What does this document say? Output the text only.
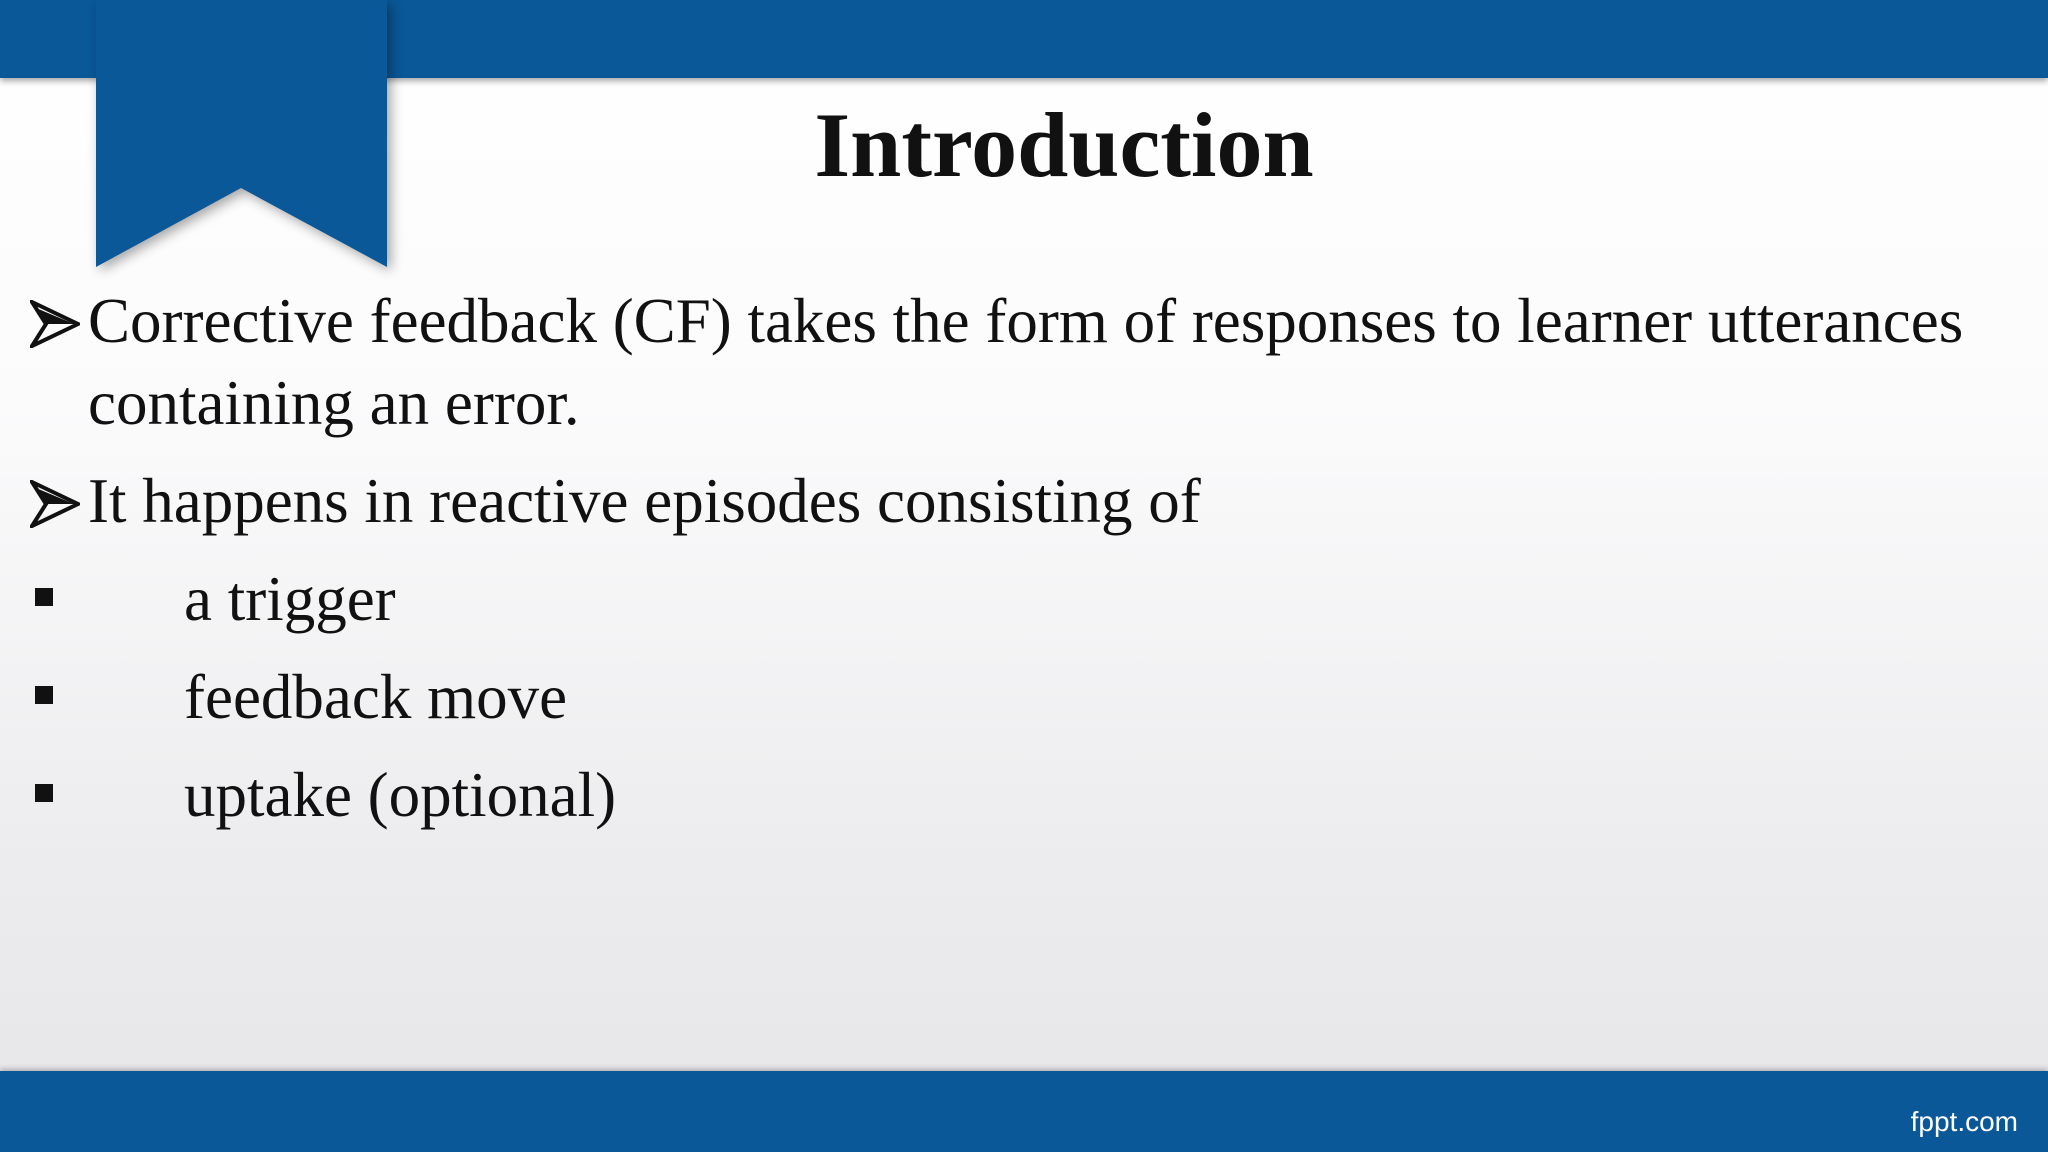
Introduction
Corrective feedback (CF) takes the form of responses to learner utterances containing an error.
It happens in reactive episodes consisting of
a trigger
feedback move
uptake (optional)
fppt.com
